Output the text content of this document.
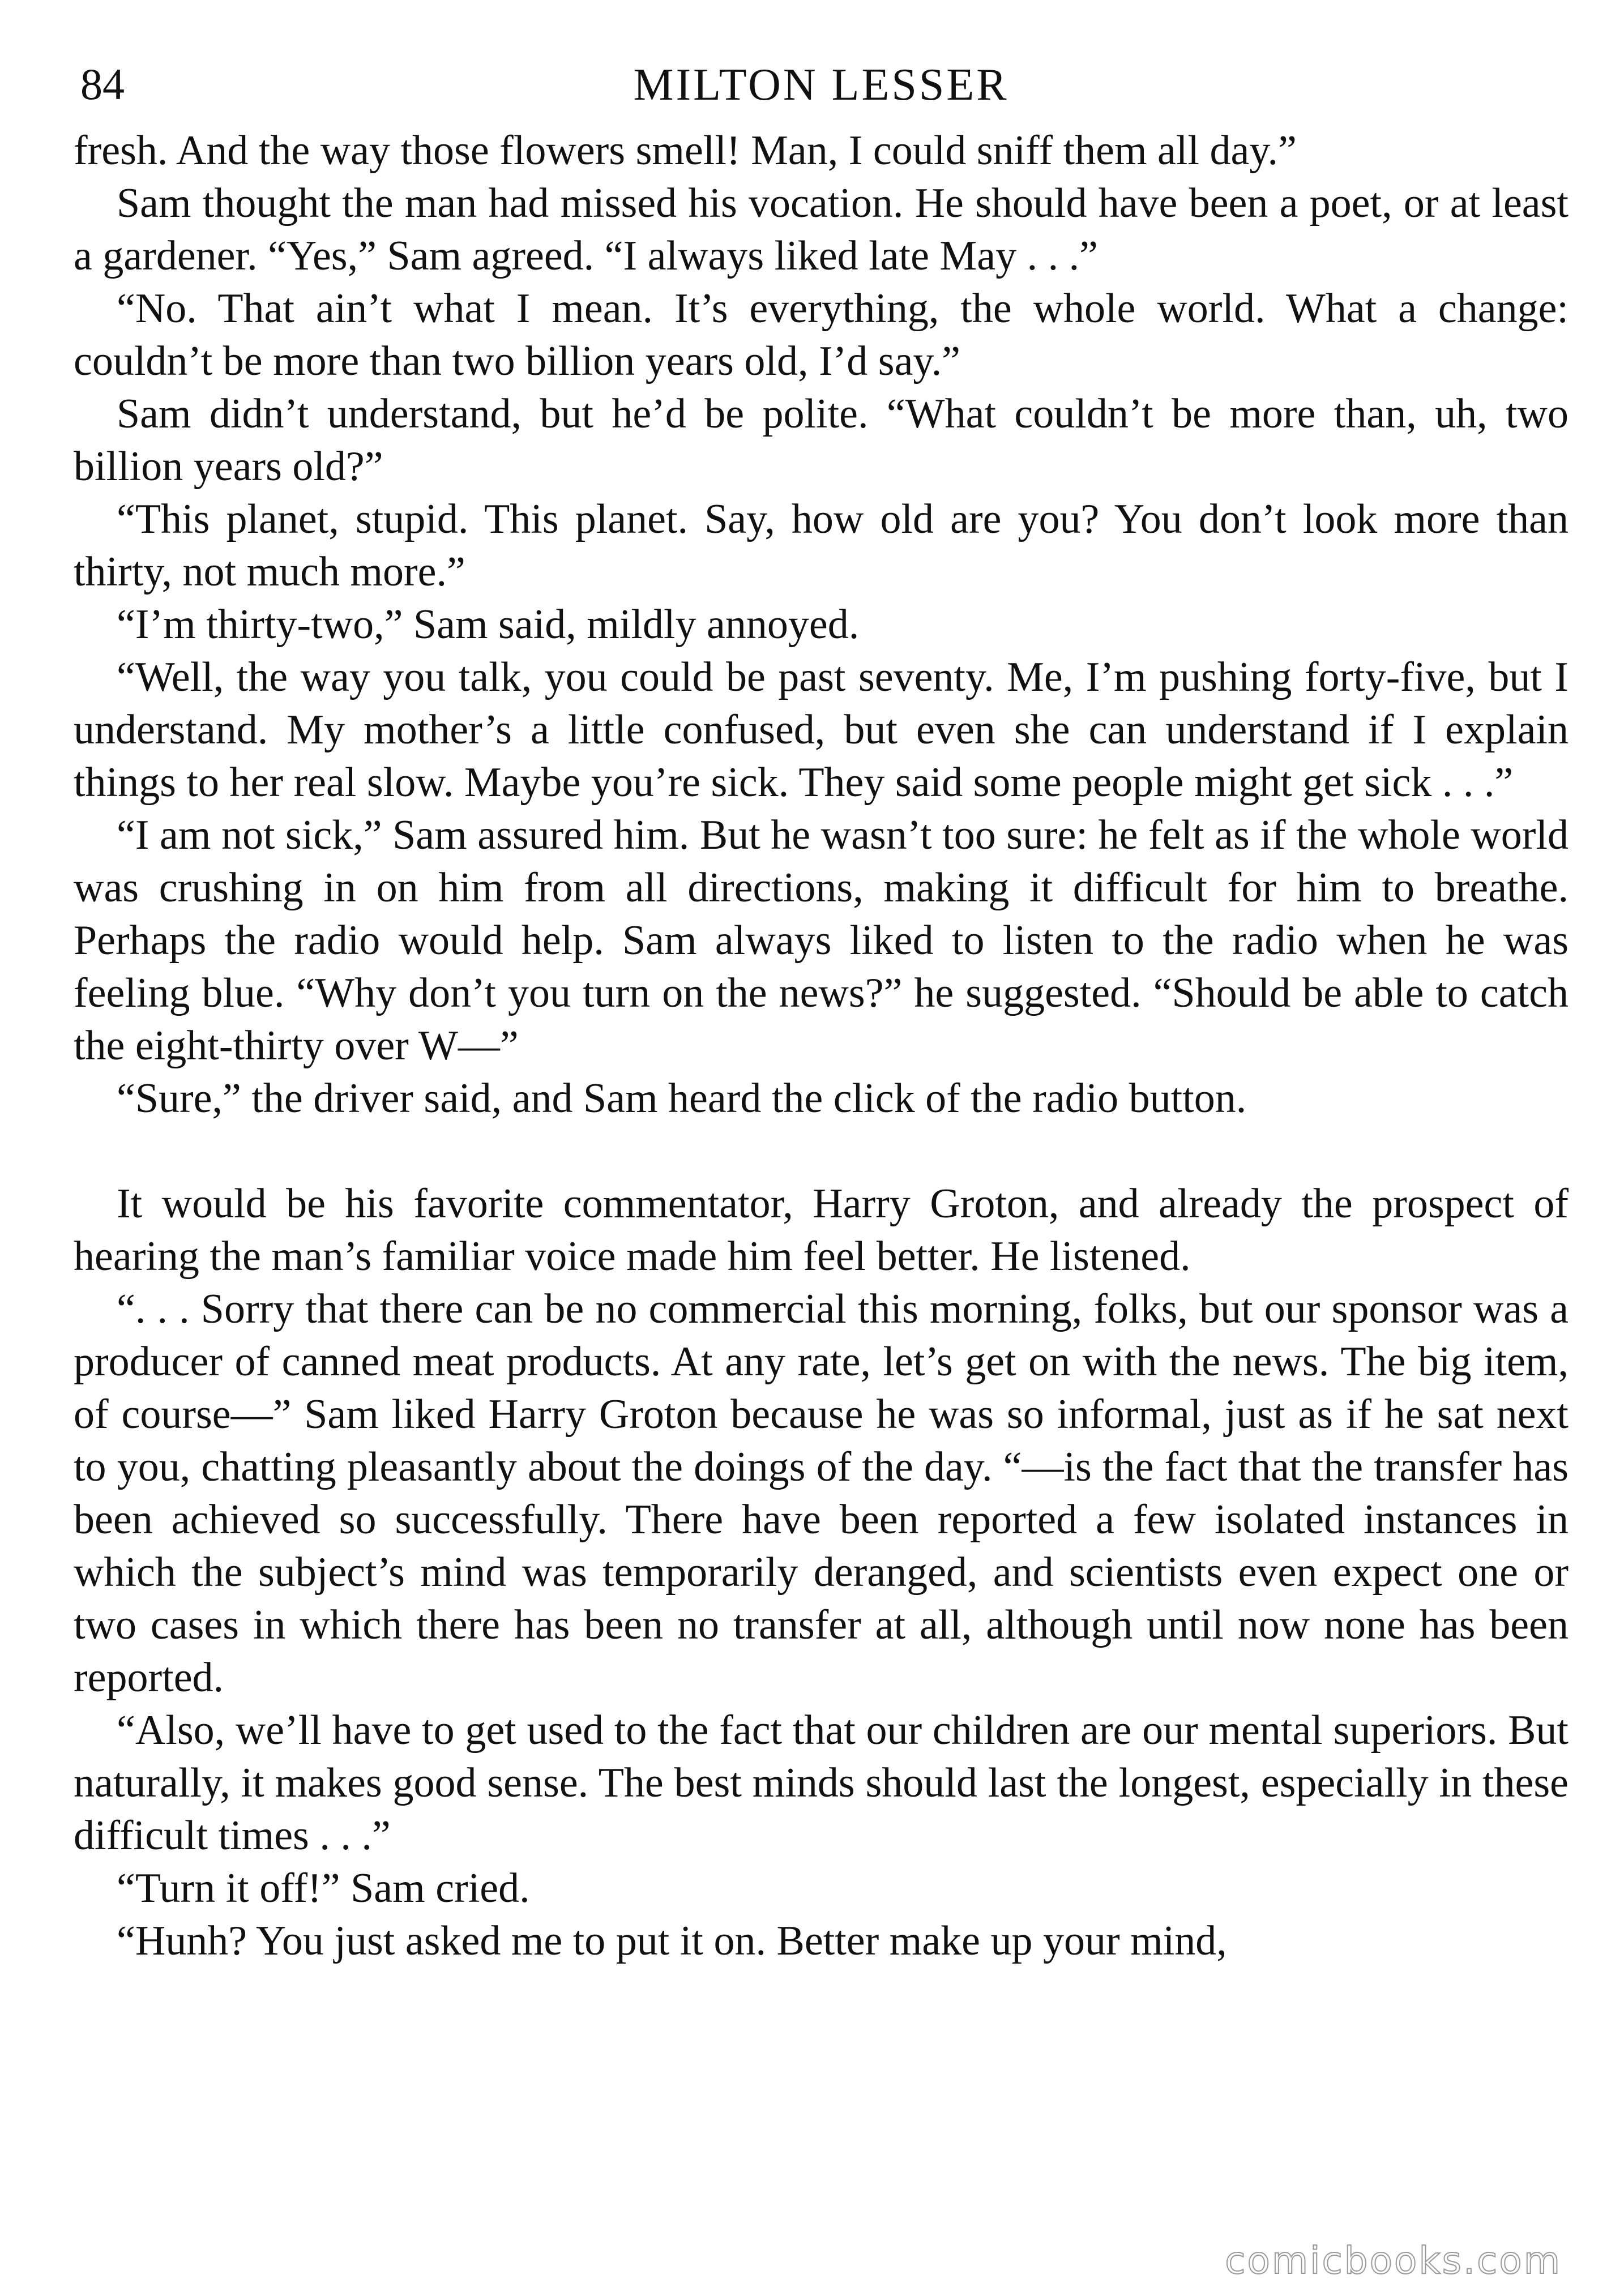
84	MILTON LESSER

fresh. And the way those flowers smell! Man, I could sniff them all day.”

Sam thought the man had missed his vocation. He should have been a poet, or at least a gardener. “Yes,” Sam agreed. “I always liked late May . . .”

“No. That ain’t what I mean. It’s everything, the whole world. What a change: couldn’t be more than two billion years old, I’d say.”

Sam didn’t understand, but he’d be polite. “What couldn’t be more than, uh, two billion years old?”

“This planet, stupid. This planet. Say, how old are you? You don’t look more than thirty, not much more.”

“I’m thirty-two,” Sam said, mildly annoyed.

“Well, the way you talk, you could be past seventy. Me, I’m pushing forty-five, but I understand. My mother’s a little confused, but even she can understand if I explain things to her real slow. Maybe you’re sick. They said some people might get sick . . .”

“I am not sick,” Sam assured him. But he wasn’t too sure: he felt as if the whole world was crushing in on him from all directions, making it difficult for him to breathe. Perhaps the radio would help. Sam always liked to listen to the radio when he was feeling blue. “Why don’t you turn on the news?” he suggested. “Should be able to catch the eight-thirty over W—”

“Sure,” the driver said, and Sam heard the click of the radio button.

It would be his favorite commentator, Harry Groton, and already the prospect of hearing the man’s familiar voice made him feel better. He listened.

“. . . Sorry that there can be no commercial this morning, folks, but our sponsor was a producer of canned meat products. At any rate, let’s get on with the news. The big item, of course—” Sam liked Harry Groton because he was so informal, just as if he sat next to you, chatting pleasantly about the doings of the day. “—is the fact that the transfer has been achieved so successfully. There have been reported a few isolated instances in which the subject’s mind was temporarily deranged, and scientists even expect one or two cases in which there has been no transfer at all, although until now none has been reported.

“Also, we’ll have to get used to the fact that our children are our mental superiors. But naturally, it makes good sense. The best minds should last the longest, especially in these difficult times . . .”

“Turn it off!” Sam cried.

“Hunh? You just asked me to put it on. Better make up your mind,

comicbooks.com
